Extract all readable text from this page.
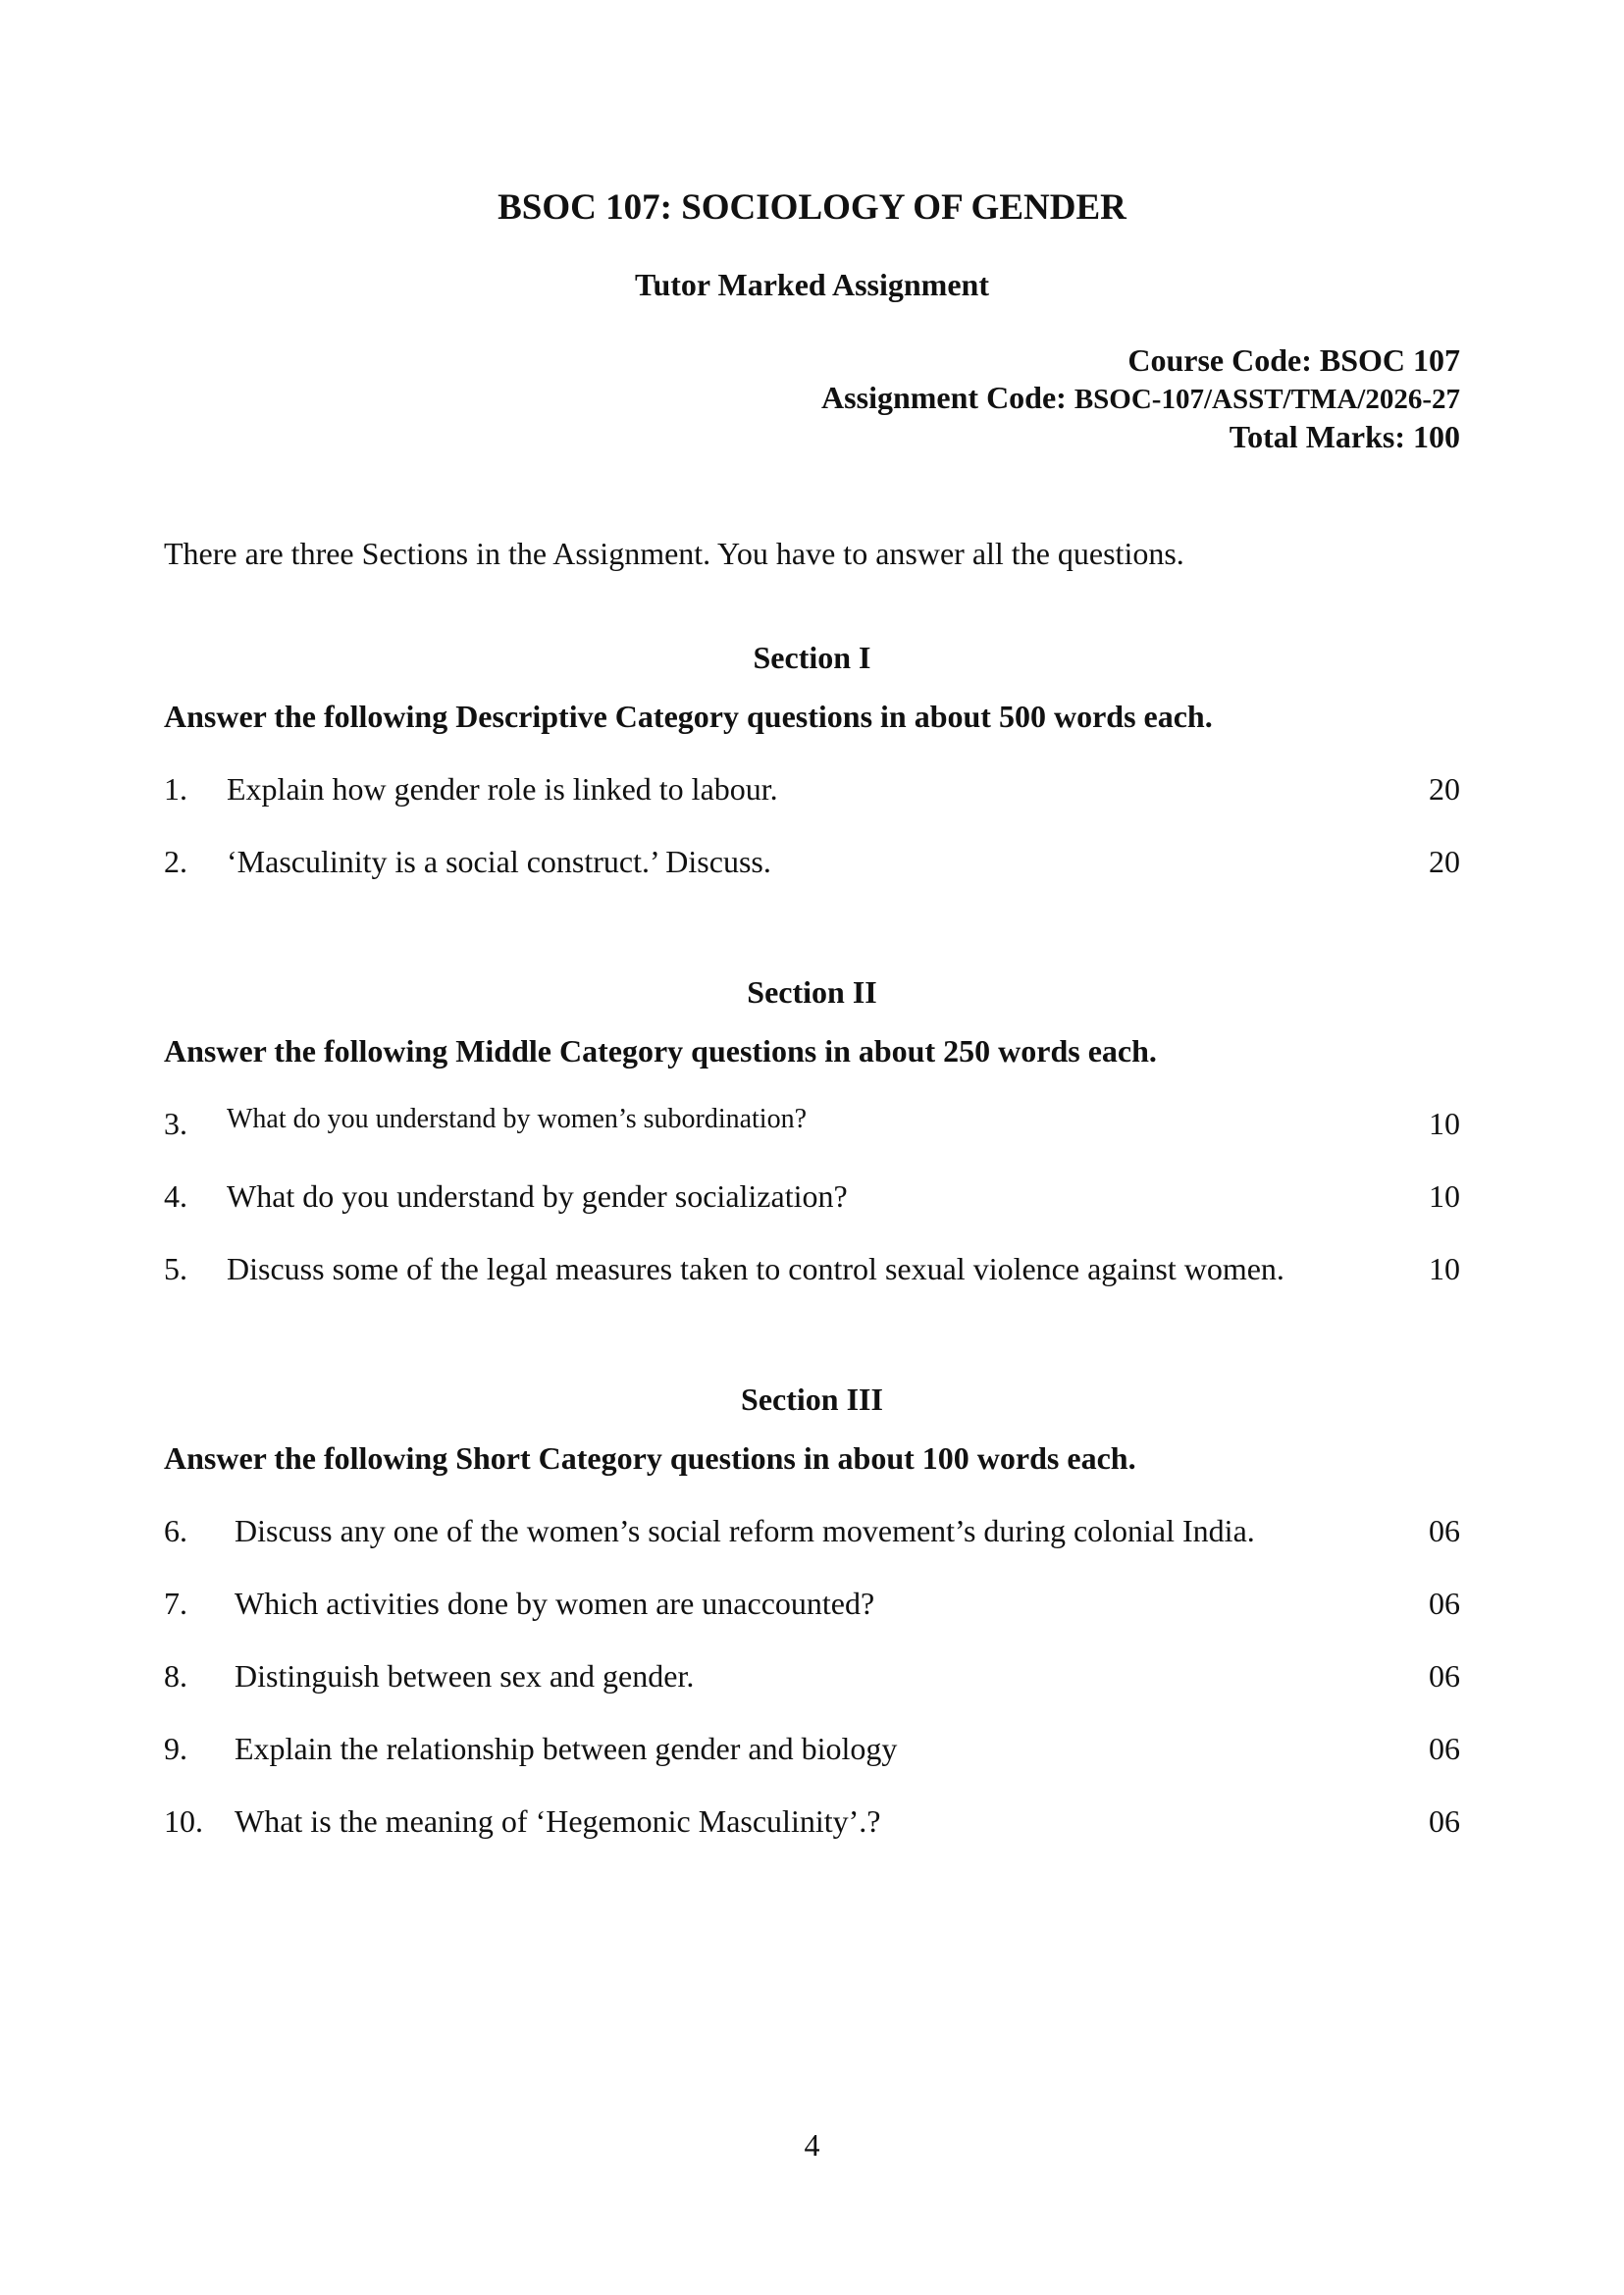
BSOC 107: SOCIOLOGY OF GENDER
Tutor Marked Assignment
Course Code: BSOC 107
Assignment Code: BSOC-107/ASST/TMA/2026-27
Total Marks: 100
There are three Sections in the Assignment. You have to answer all the questions.
Section I
Answer the following Descriptive Category questions in about 500 words each.
1. Explain how gender role is linked to labour.	20
2. ‘Masculinity is a social construct.’ Discuss.	20
Section II
Answer the following Middle Category questions in about 250 words each.
3. What do you understand by women’s subordination?	10
4. What do you understand by gender socialization?	10
5. Discuss some of the legal measures taken to control sexual violence against women.	10
Section III
Answer the following Short Category questions in about 100 words each.
6. Discuss any one of the women’s social reform movement’s during colonial India.	06
7. Which activities done by women are unaccounted?	06
8. Distinguish between sex and gender.	06
9. Explain the relationship between gender and biology	06
10. What is the meaning of ‘Hegemonic Masculinity’.?	06
4
